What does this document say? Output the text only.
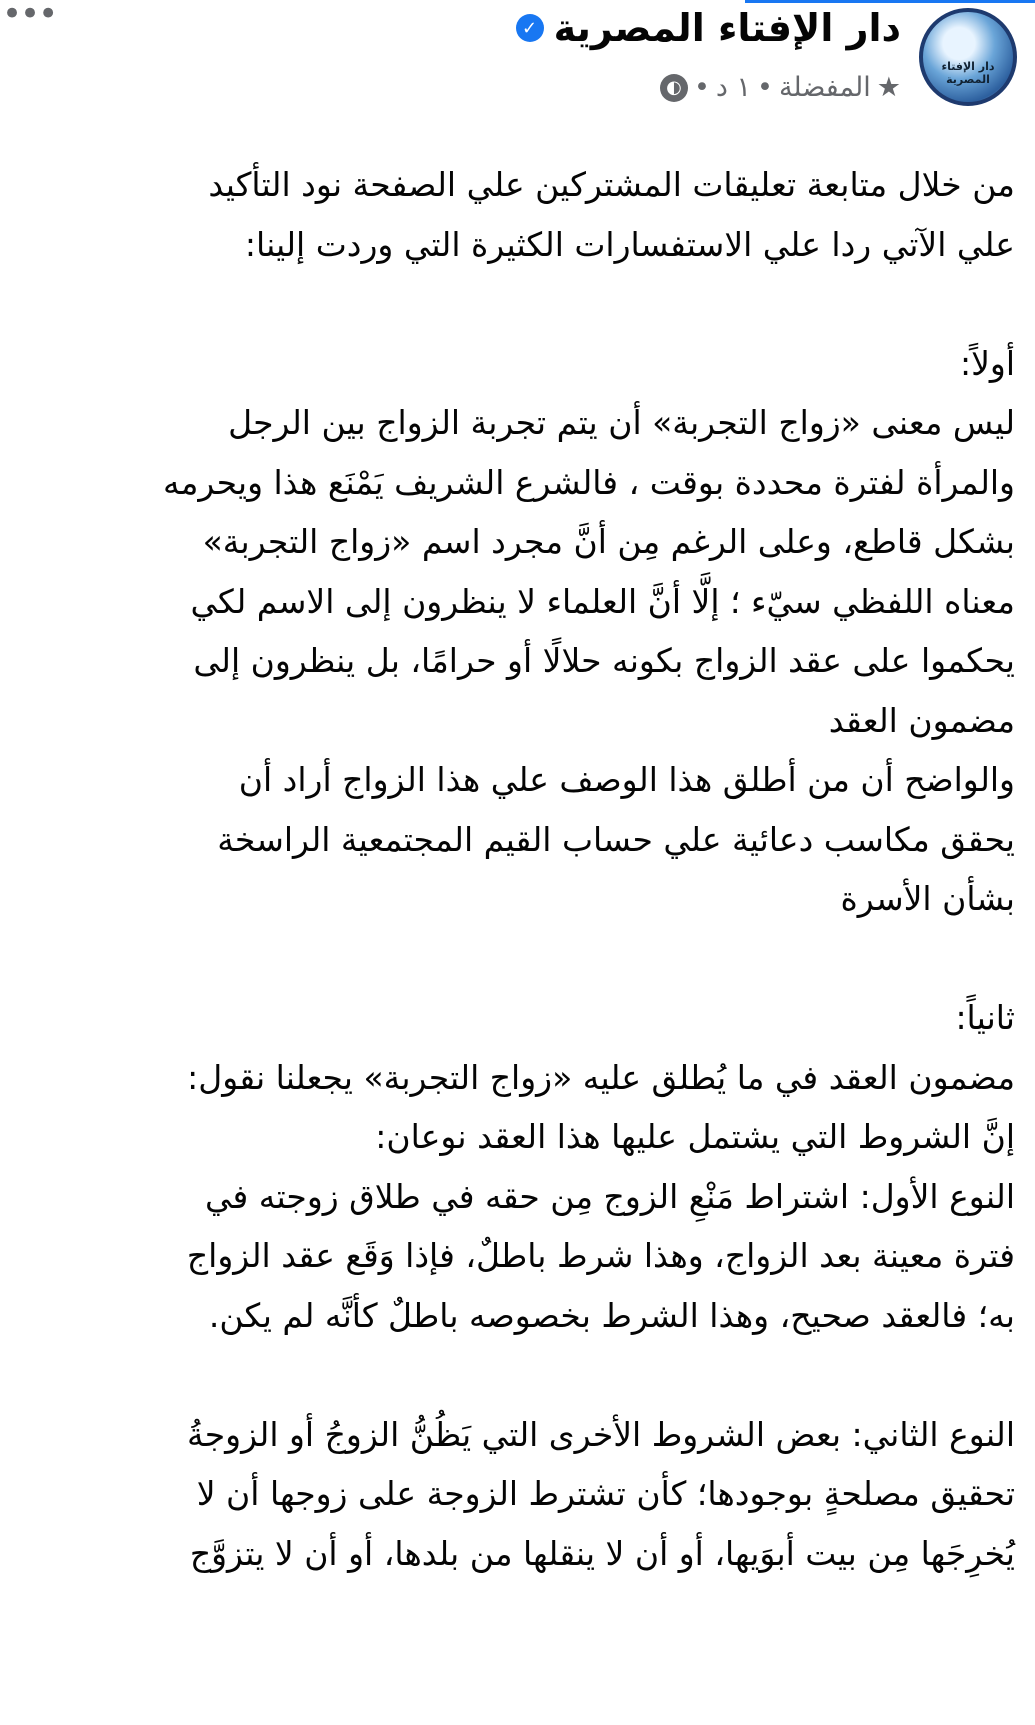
دار الإفتاء المصرية
دار الإفتاء المصرية
✓
★
المفضلة
•
١ د
•
◐
•••
من خلال متابعة تعليقات المشتركين علي الصفحة نود التأكيد
علي الآتي ردا علي الاستفسارات الكثيرة التي وردت إلينا:
أولاً:
ليس معنى «زواج التجربة» أن يتم تجربة الزواج بين الرجل
والمرأة لفترة محددة بوقت ، فالشرع الشريف يَمْنَع هذا ويحرمه
بشكل قاطع، وعلى الرغم مِن أنَّ مجرد اسم «زواج التجربة»
معناه اللفظي سيّء ؛ إلَّا أنَّ العلماء لا ينظرون إلى الاسم لكي
يحكموا على عقد الزواج بكونه حلالًا أو حرامًا، بل ينظرون إلى
مضمون العقد
والواضح أن من أطلق هذا الوصف علي هذا الزواج أراد أن
يحقق مكاسب دعائية علي حساب القيم المجتمعية الراسخة
بشأن الأسرة
ثانياً:
مضمون العقد في ما يُطلق عليه «زواج التجربة» يجعلنا نقول:
إنَّ الشروط التي يشتمل عليها هذا العقد نوعان:
النوع الأول: اشتراط مَنْعِ الزوج مِن حقه في طلاق زوجته في
فترة معينة بعد الزواج، وهذا شرط باطلٌ، فإذا وَقَع عقد الزواج
به؛ فالعقد صحيح، وهذا الشرط بخصوصه باطلٌ كأنَّه لم يكن.
النوع الثاني: بعض الشروط الأخرى التي يَظُنُّ الزوجُ أو الزوجةُ
تحقيق مصلحةٍ بوجودها؛ كأن تشترط الزوجة على زوجها أن لا
يُخرِجَها مِن بيت أبوَيها، أو أن لا ينقلها من بلدها، أو أن لا يتزوَّج
